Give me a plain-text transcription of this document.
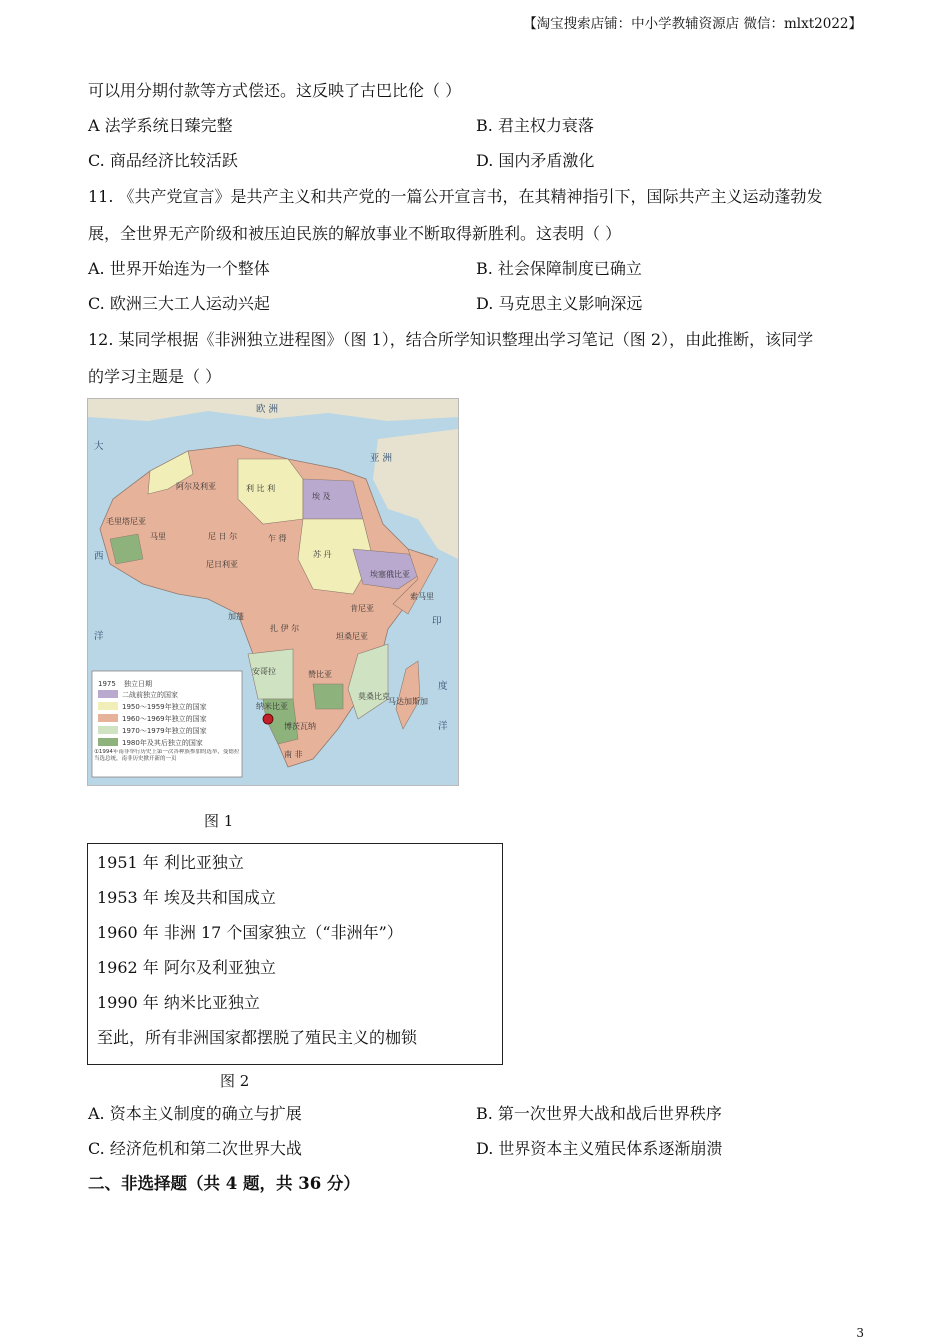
【淘宝搜索店铺：中小学教辅资源店 微信：mlxt2022】
可以用分期付款等方式偿还。这反映了古巴比伦（ ）
A 法学系统日臻完整	B. 君主权力衰落
C. 商品经济比较活跃	D. 国内矛盾激化
11. 《共产党宣言》是共产主义和共产党的一篇公开宣言书，在其精神指引下，国际共产主义运动蓬勃发
展，全世界无产阶级和被压迫民族的解放事业不断取得新胜利。这表明（ ）
A. 世界开始连为一个整体	B. 社会保障制度已确立
C. 欧洲三大工人运动兴起	D. 马克思主义影响深远
12. 某同学根据《非洲独立进程图》（图 1），结合所学知识整理出学习笔记（图 2），由此推断，该同学
的学习主题是（ ）
欧 洲
亚 洲
大
西
印
度
洋
洋
阿尔及利亚	利 比 利
埃 及
马里	尼 日 尔	乍 得
苏 丹
尼日利亚
埃塞俄比亚
索马里
肯尼亚
扎 伊 尔
坦桑尼亚
安哥拉	赞比亚
纳米比亚
博茨瓦纳
马达加斯加
南 非
毛里塔尼亚
加蓬
莫桑比克
1975 独立日期
二战前独立的国家
1950～1959年独立的国家
1960～1969年独立的国家
1970～1979年独立的国家
1980年及其后独立的国家
①1994年南非举行历史上第一次各种族参加的选举，曼德拉当选总统，南非历史掀开新的一页
图 1
1951 年 利比亚独立
1953 年 埃及共和国成立
1960 年 非洲 17 个国家独立（“非洲年”）
1962 年 阿尔及利亚独立
1990 年 纳米比亚独立
至此，所有非洲国家都摆脱了殖民主义的枷锁
图 2
A. 资本主义制度的确立与扩展	B. 第一次世界大战和战后世界秩序
C. 经济危机和第二次世界大战	D. 世界资本主义殖民体系逐渐崩溃
二、非选择题（共 4 题，共 36 分）
3
